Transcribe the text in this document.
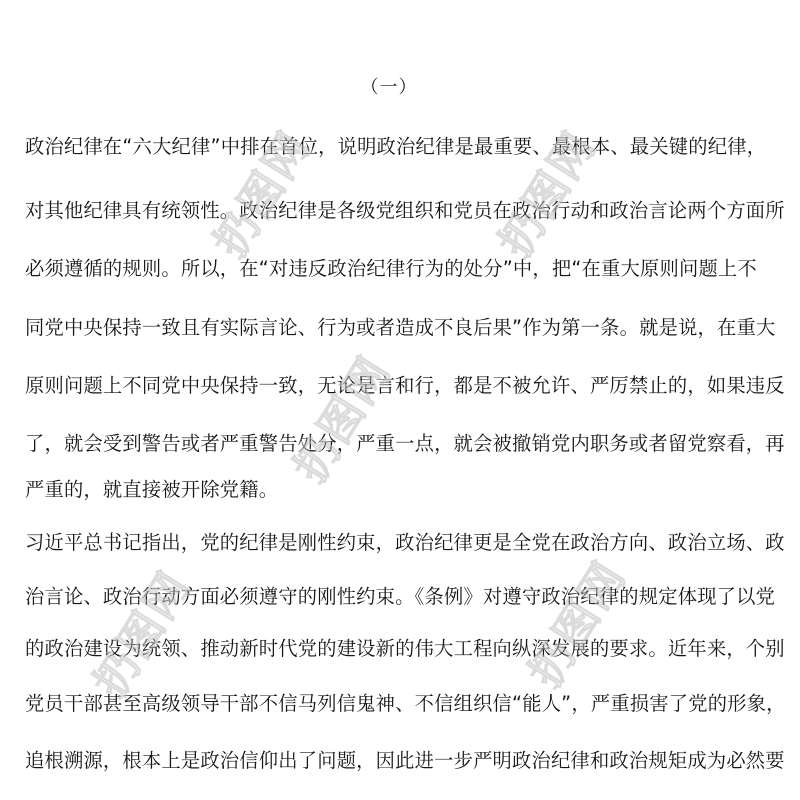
（一）
政治纪律在“六大纪律”中排在首位，说明政治纪律是最重要、最根本、最关键的纪律，
对其他纪律具有统领性。政治纪律是各级党组织和党员在政治行动和政治言论两个方面所
必须遵循的规则。所以，在“对违反政治纪律行为的处分”中，把“在重大原则问题上不
同党中央保持一致且有实际言论、行为或者造成不良后果”作为第一条。就是说，在重大
原则问题上不同党中央保持一致，无论是言和行，都是不被允许、严厉禁止的，如果违反
了，就会受到警告或者严重警告处分，严重一点，就会被撤销党内职务或者留党察看，再
严重的，就直接被开除党籍。
习近平总书记指出，党的纪律是刚性约束，政治纪律更是全党在政治方向、政治立场、政
治言论、政治行动方面必须遵守的刚性约束。《条例》对遵守政治纪律的规定体现了以党
的政治建设为统领、推动新时代党的建设新的伟大工程向纵深发展的要求。近年来，个别
党员干部甚至高级领导干部不信马列信鬼神、不信组织信“能人”，严重损害了党的形象，
追根溯源，根本上是政治信仰出了问题，因此进一步严明政治纪律和政治规矩成为必然要
扔图网	扔图网
扔图网
扔图网	扔图网
